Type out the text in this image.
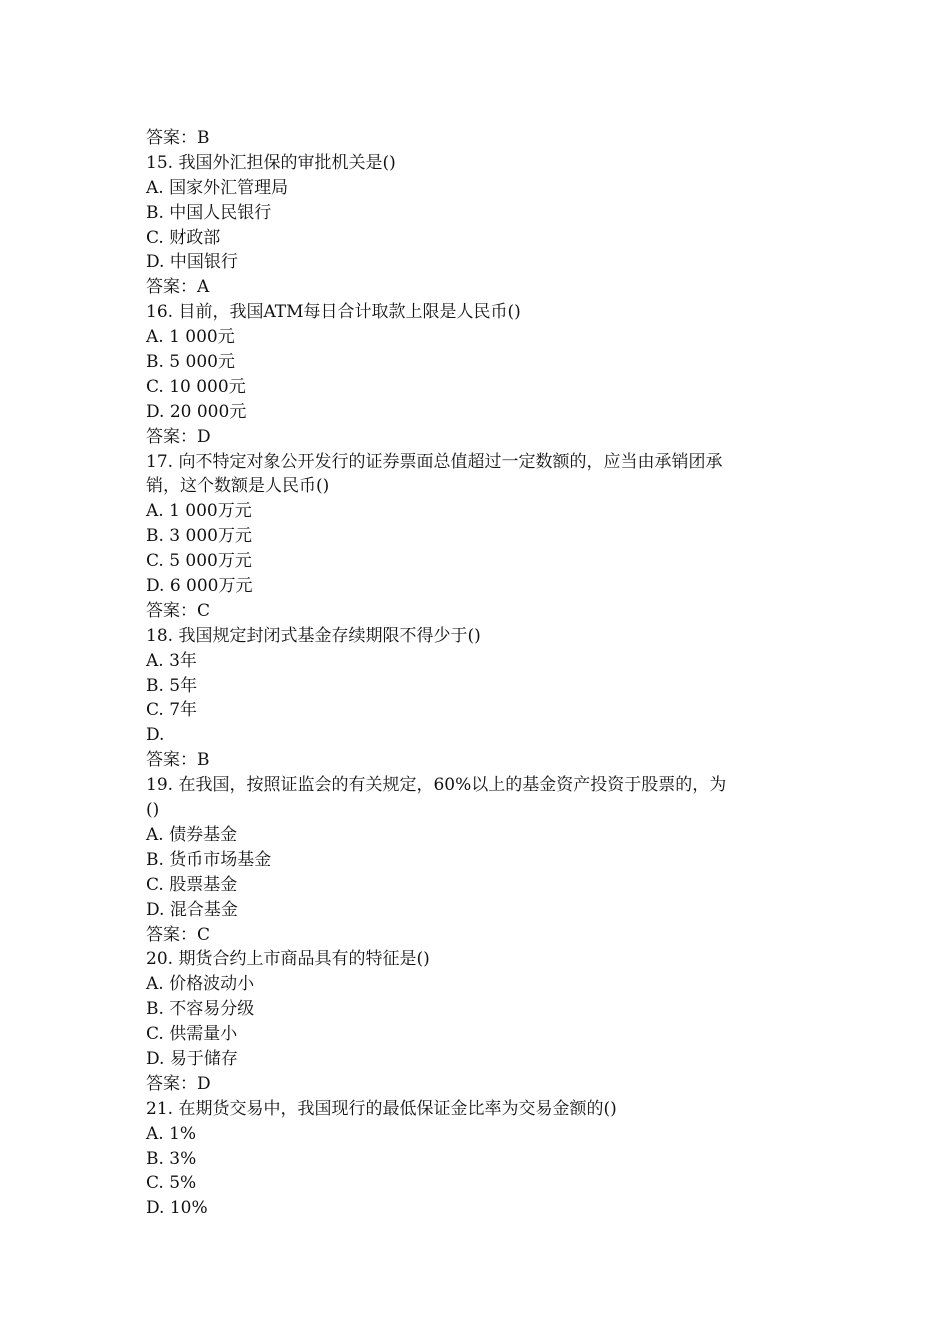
答案：B
15. 我国外汇担保的审批机关是()
A. 国家外汇管理局
B. 中国人民银行
C. 财政部
D. 中国银行
答案：A
16. 目前，我国ATM每日合计取款上限是人民币()
A. 1 000元
B. 5 000元
C. 10 000元
D. 20 000元
答案：D
17. 向不特定对象公开发行的证券票面总值超过一定数额的，应当由承销团承
销，这个数额是人民币()
A. 1 000万元
B. 3 000万元
C. 5 000万元
D. 6 000万元
答案：C
18. 我国规定封闭式基金存续期限不得少于()
A. 3年
B. 5年
C. 7年
D.
答案：B
19. 在我国，按照证监会的有关规定，60%以上的基金资产投资于股票的，为
()
A. 债券基金
B. 货币市场基金
C. 股票基金
D. 混合基金
答案：C
20. 期货合约上市商品具有的特征是()
A. 价格波动小
B. 不容易分级
C. 供需量小
D. 易于储存
答案：D
21. 在期货交易中，我国现行的最低保证金比率为交易金额的()
A. 1%
B. 3%
C. 5%
D. 10%
